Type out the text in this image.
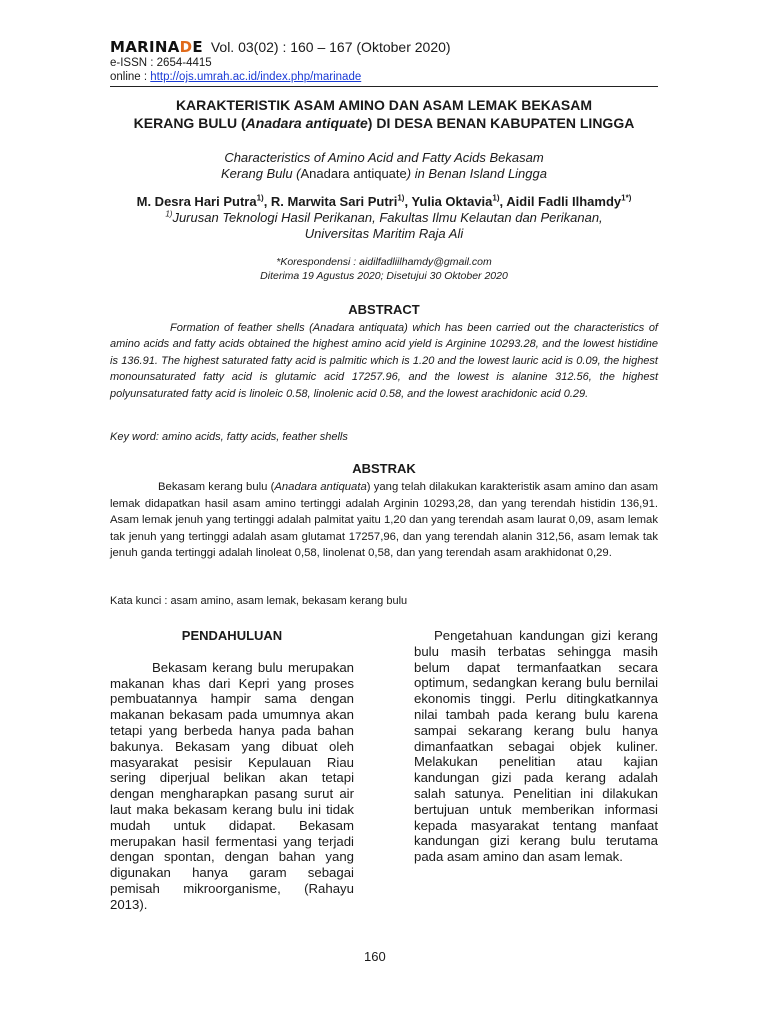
MARINADE Vol. 03(02) : 160 – 167 (Oktober 2020)
e-ISSN : 2654-4415
online : http://ojs.umrah.ac.id/index.php/marinade
KARAKTERISTIK ASAM AMINO DAN ASAM LEMAK BEKASAM
KERANG BULU (Anadara antiquate) DI DESA BENAN KABUPATEN LINGGA
Characteristics of Amino Acid and Fatty Acids Bekasam
Kerang Bulu (Anadara antiquate) in Benan Island Lingga
M. Desra Hari Putra$^{1)}$, R. Marwita Sari Putri$^{1)}$, Yulia Oktavia$^{1)}$, Aidil Fadli Ilhamdy$^{1*)}$
$^{1)}$Jurusan Teknologi Hasil Perikanan, Fakultas Ilmu Kelautan dan Perikanan,
Universitas Maritim Raja Ali
*Korespondensi : aidilfadliilhamdy@gmail.com
Diterima 19 Agustus 2020; Disetujui 30 Oktober 2020
ABSTRACT
Formation of feather shells (Anadara antiquata) which has been carried out the characteristics of amino acids and fatty acids obtained the highest amino acid yield is Arginine 10293.28, and the lowest histidine is 136.91. The highest saturated fatty acid is palmitic which is 1.20 and the lowest lauric acid is 0.09, the highest monounsaturated fatty acid is glutamic acid 17257.96, and the lowest is alanine 312.56, the highest polyunsaturated fatty acid is linoleic 0.58, linolenic acid 0.58, and the lowest arachidonic acid 0.29.
Key word: amino acids, fatty acids, feather shells
ABSTRAK
Bekasam kerang bulu (Anadara antiquata) yang telah dilakukan karakteristik asam amino dan asam lemak didapatkan hasil asam amino tertinggi adalah Arginin 10293,28, dan yang terendah histidin 136,91. Asam lemak jenuh yang tertinggi adalah palmitat yaitu 1,20 dan yang terendah asam laurat 0,09, asam lemak tak jenuh yang tertinggi adalah asam glutamat 17257,96, dan yang terendah alanin 312,56, asam lemak tak jenuh ganda tertinggi adalah linoleat 0,58, linolenat 0,58, dan yang terendah asam arakhidonat 0,29.
Kata kunci : asam amino, asam lemak, bekasam kerang bulu
PENDAHULUAN

Bekasam kerang bulu merupakan makanan khas dari Kepri yang proses pembuatannya hampir sama dengan makanan bekasam pada umumnya akan tetapi yang berbeda hanya pada bahan bakunya. Bekasam yang dibuat oleh masyarakat pesisir Kepulauan Riau sering diperjual belikan akan tetapi dengan mengharapkan pasang surut air laut maka bekasam kerang bulu ini tidak mudah untuk didapat. Bekasam merupakan hasil fermentasi yang terjadi dengan spontan, dengan bahan yang digunakan hanya garam sebagai pemisah mikroorganisme, (Rahayu 2013).

Pengetahuan kandungan gizi kerang bulu masih terbatas sehingga masih belum dapat termanfaatkan secara optimum, sedangkan kerang bulu bernilai ekonomis tinggi. Perlu ditingkatkannya nilai tambah pada kerang bulu karena sampai sekarang kerang bulu hanya dimanfaatkan sebagai objek kuliner. Melakukan penelitian atau kajian kandungan gizi pada kerang adalah salah satunya. Penelitian ini dilakukan bertujuan untuk memberikan informasi kepada masyarakat tentang manfaat kandungan gizi kerang bulu terutama pada asam amino dan asam lemak.

160
